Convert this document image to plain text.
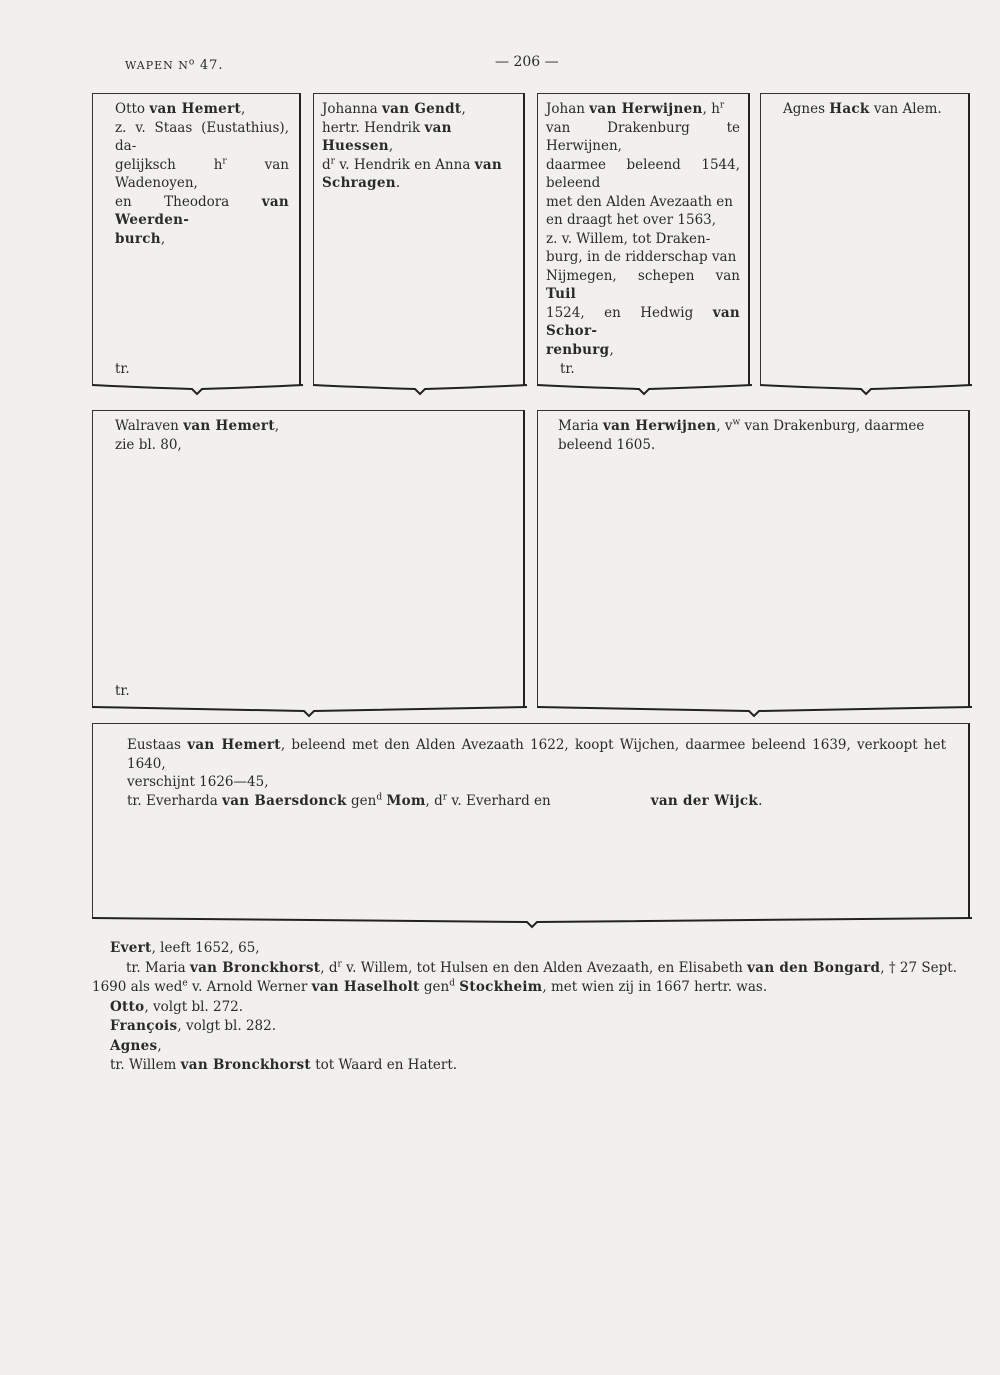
WAPEN $N^o$ 47.	— 206 —
Otto van Hemert,
z. v. Staas (Eustathius), da-
gelijksch $h^r$ van Wadenoyen,
en Theodora van Weerden-
burch,
tr.
Johanna van Gendt,
hertr. Hendrik van Huessen,
$d^r$ v. Hendrik en Anna van
Schragen.
Johan van Herwijnen, $h^r$
van Drakenburg te Herwijnen,
daarmee beleend 1544, beleend
met den Alden Avezaath en
en draagt het over 1563,
z. v. Willem, tot Draken-
burg, in de ridderschap van
Nijmegen, schepen van Tuil
1524, en Hedwig van Schor-
renburg,
tr.
Agnes Hack van Alem.
Walraven van Hemert,
zie bl. 80,
tr.
Maria van Herwijnen, $v^w$ van Drakenburg, daarmee
beleend 1605.
Eustaas van Hemert, beleend met den Alden Avezaath 1622, koopt Wijchen, daarmee beleend 1639, verkoopt het 1640,
verschijnt 1626—45,
tr. Everharda van Baersdonck gen$^d$ Mom, $d^r$ v. Everhard en	van der Wijck.

Evert, leeft 1652, 65,

tr. Maria van Bronckhorst, $d^r$ v. Willem, tot Hulsen en den Alden Avezaath, en Elisabeth van den Bongard, † 27 Sept.

1690 als wed$^e$ v. Arnold Werner van Haselholt gen$^d$ Stockheim, met wien zij in 1667 hertr. was.

Otto, volgt bl. 272.

François, volgt bl. 282.

Agnes,

tr. Willem van Bronckhorst tot Waard en Hatert.
